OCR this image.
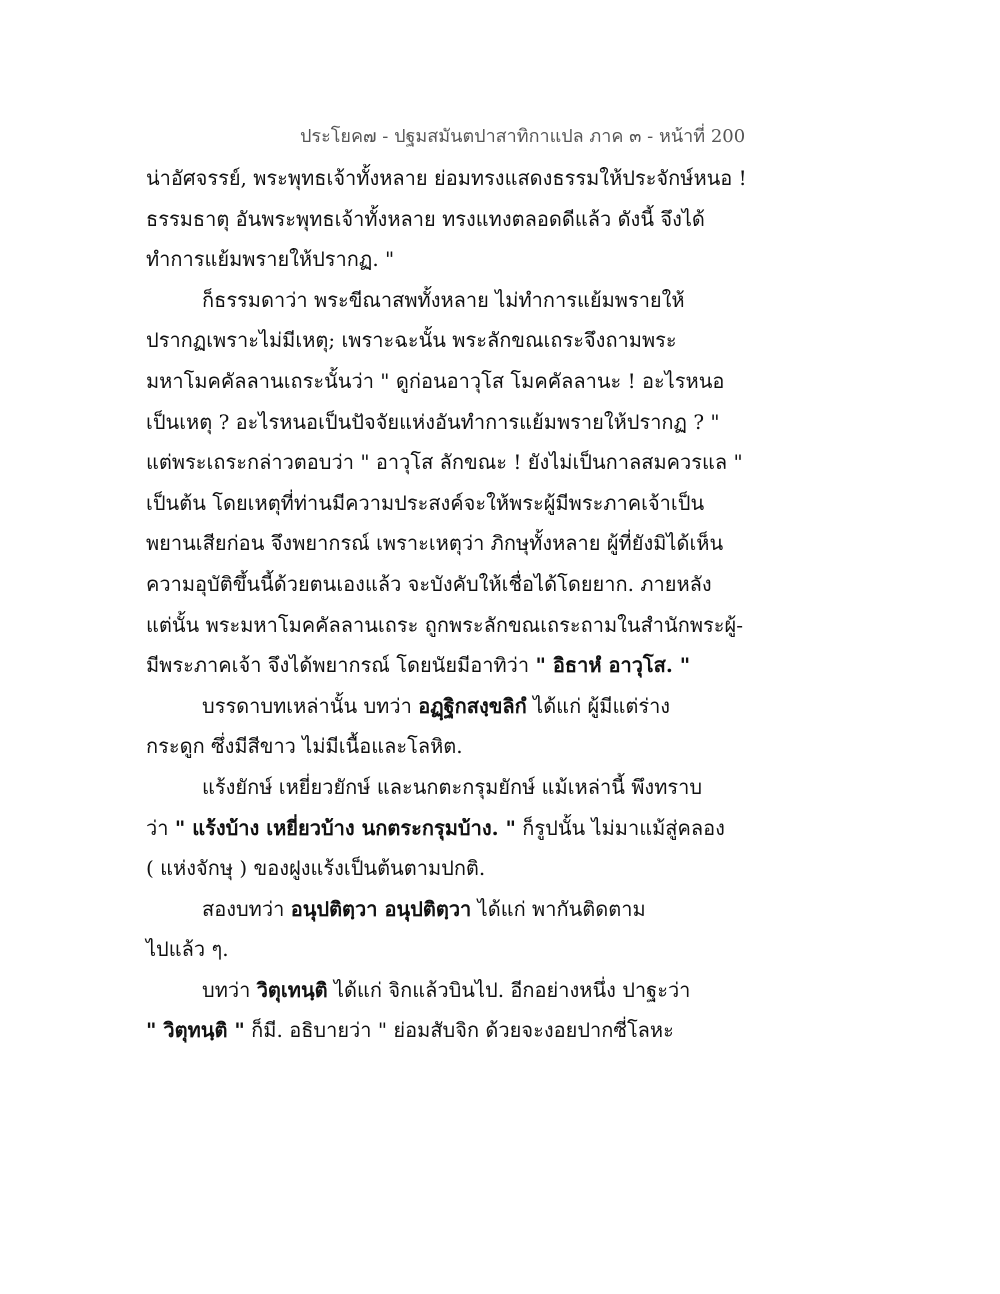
ประโยค๗ - ปฐมสมันตปาสาทิกาแปล ภาค ๓ - หน้าที่ 200
น่าอัศจรรย์, พระพุทธเจ้าทั้งหลาย ย่อมทรงแสดงธรรมให้ประจักษ์หนอ !
ธรรมธาตุ อันพระพุทธเจ้าทั้งหลาย ทรงแทงตลอดดีแล้ว ดังนี้ จึงได้
ทำการแย้มพรายให้ปรากฏ. "
ก็ธรรมดาว่า พระขีณาสพทั้งหลาย ไม่ทำการแย้มพรายให้
ปรากฏเพราะไม่มีเหตุ; เพราะฉะนั้น พระลักขณเถระจึงถามพระ
มหาโมคคัลลานเถระนั้นว่า " ดูก่อนอาวุโส โมคคัลลานะ ! อะไรหนอ
เป็นเหตุ ? อะไรหนอเป็นปัจจัยแห่งอันทำการแย้มพรายให้ปรากฏ ? "
แต่พระเถระกล่าวตอบว่า " อาวุโส ลักขณะ ! ยังไม่เป็นกาลสมควรแล "
เป็นต้น โดยเหตุที่ท่านมีความประสงค์จะให้พระผู้มีพระภาคเจ้าเป็น
พยานเสียก่อน จึงพยากรณ์ เพราะเหตุว่า ภิกษุทั้งหลาย ผู้ที่ยังมิได้เห็น
ความอุบัติขึ้นนี้ด้วยตนเองแล้ว จะบังคับให้เชื่อได้โดยยาก. ภายหลัง
แต่นั้น พระมหาโมคคัลลานเถระ ถูกพระลักขณเถระถามในสำนักพระผู้-
มีพระภาคเจ้า จึงได้พยากรณ์ โดยนัยมีอาทิว่า " อิธาหํ อาวุโส. "
บรรดาบทเหล่านั้น บทว่า อฏฺฐิกสงฺขลิกํ ได้แก่ ผู้มีแต่ร่าง
กระดูก ซึ่งมีสีขาว ไม่มีเนื้อและโลหิต.
แร้งยักษ์ เหยี่ยวยักษ์ และนกตะกรุมยักษ์ แม้เหล่านี้ พึงทราบ
ว่า " แร้งบ้าง เหยี่ยวบ้าง นกตระกรุมบ้าง. " ก็รูปนั้น ไม่มาแม้สู่คลอง
( แห่งจักษุ ) ของฝูงแร้งเป็นต้นตามปกติ.
สองบทว่า อนุปติตฺวา อนุปติตฺวา ได้แก่ พากันติดตาม
ไปแล้ว ๆ.
บทว่า วิตุเทนฺติ ได้แก่ จิกแล้วบินไป. อีกอย่างหนึ่ง ปาฐะว่า
" วิตุทนฺติ " ก็มี. อธิบายว่า " ย่อมสับจิก ด้วยจะงอยปากซี่โลหะ
